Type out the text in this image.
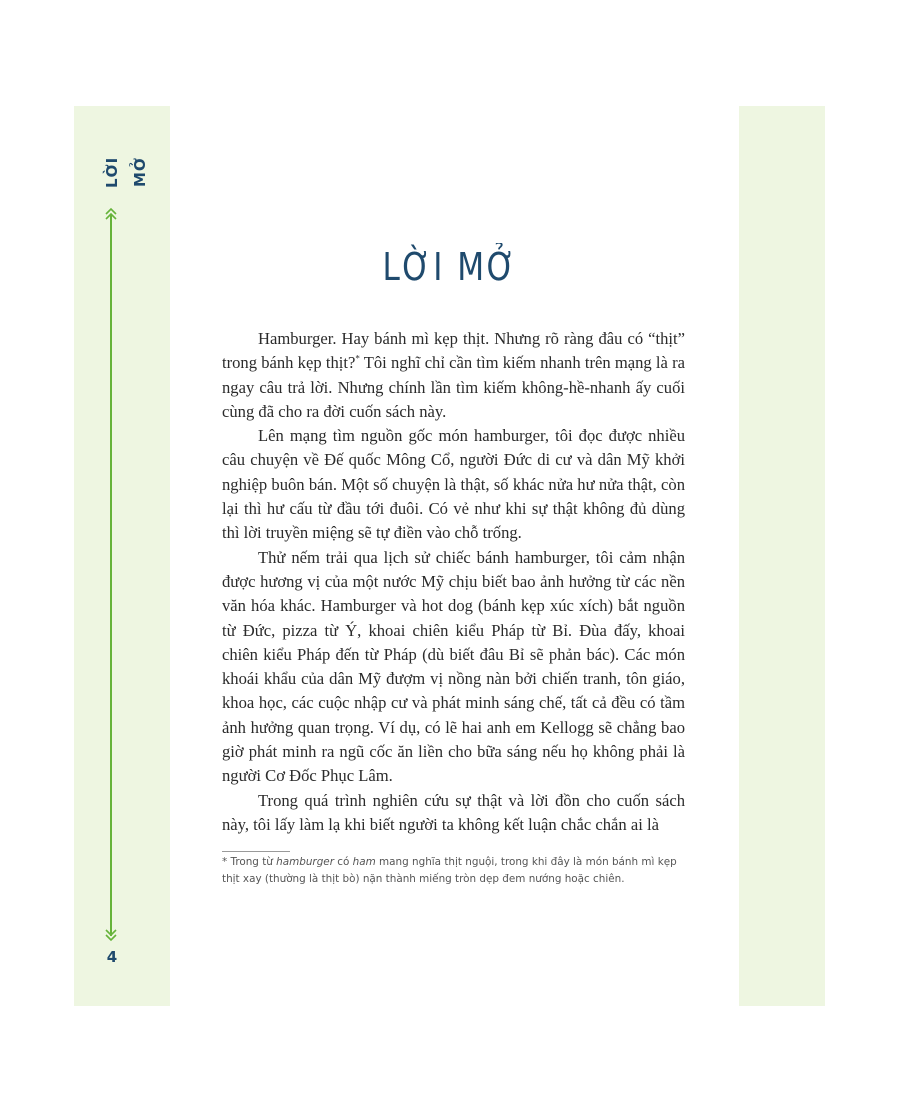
LỜI MỞ
4
LỜI MỞ

Hamburger. Hay bánh mì kẹp thịt. Nhưng rõ ràng đâu có “thịt” trong bánh kẹp thịt?* Tôi nghĩ chỉ cần tìm kiếm nhanh trên mạng là ra ngay câu trả lời. Nhưng chính lần tìm kiếm không-hề-nhanh ấy cuối cùng đã cho ra đời cuốn sách này.

Lên mạng tìm nguồn gốc món hamburger, tôi đọc được nhiều câu chuyện về Đế quốc Mông Cổ, người Đức di cư và dân Mỹ khởi nghiệp buôn bán. Một số chuyện là thật, số khác nửa hư nửa thật, còn lại thì hư cấu từ đầu tới đuôi. Có vẻ như khi sự thật không đủ dùng thì lời truyền miệng sẽ tự điền vào chỗ trống.

Thử nếm trải qua lịch sử chiếc bánh hamburger, tôi cảm nhận được hương vị của một nước Mỹ chịu biết bao ảnh hưởng từ các nền văn hóa khác. Hamburger và hot dog (bánh kẹp xúc xích) bắt nguồn từ Đức, pizza từ Ý, khoai chiên kiểu Pháp từ Bỉ. Đùa đấy, khoai chiên kiểu Pháp đến từ Pháp (dù biết đâu Bỉ sẽ phản bác). Các món khoái khẩu của dân Mỹ đượm vị nồng nàn bởi chiến tranh, tôn giáo, khoa học, các cuộc nhập cư và phát minh sáng chế, tất cả đều có tầm ảnh hưởng quan trọng. Ví dụ, có lẽ hai anh em Kellogg sẽ chẳng bao giờ phát minh ra ngũ cốc ăn liền cho bữa sáng nếu họ không phải là người Cơ Đốc Phục Lâm.

Trong quá trình nghiên cứu sự thật và lời đồn cho cuốn sách này, tôi lấy làm lạ khi biết người ta không kết luận chắc chắn ai là

* Trong từ hamburger có ham mang nghĩa thịt nguội, trong khi đây là món bánh mì kẹp thịt xay (thường là thịt bò) nặn thành miếng tròn dẹp đem nướng hoặc chiên.
